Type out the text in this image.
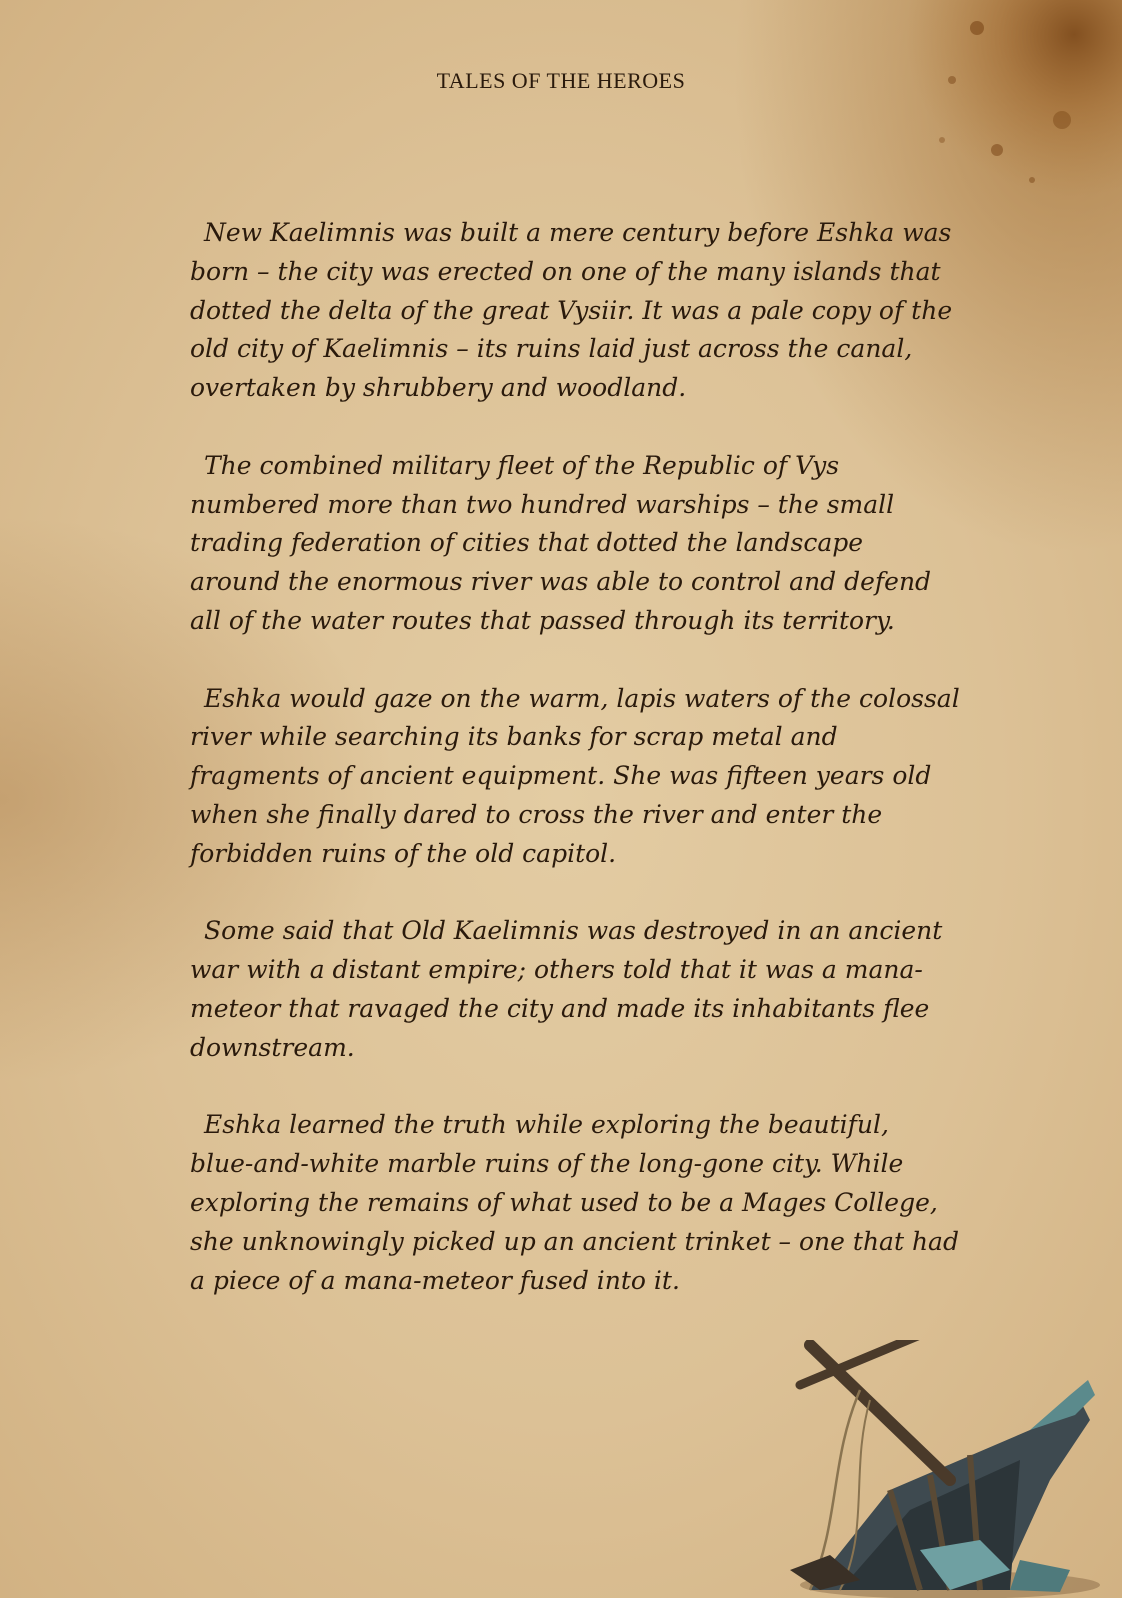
TALES OF THE HEROES

New Kaelimnis was built a mere century before Eshka was born – the city was erected on one of the many islands that dotted the delta of the great Vysiir. It was a pale copy of the old city of Kaelimnis – its ruins laid just across the canal, overtaken by shrubbery and woodland.

The combined military fleet of the Republic of Vys numbered more than two hundred warships – the small trading federation of cities that dotted the landscape around the enormous river was able to control and defend all of the water routes that passed through its territory.

Eshka would gaze on the warm, lapis waters of the colossal river while searching its banks for scrap metal and fragments of ancient equipment. She was fifteen years old when she finally dared to cross the river and enter the forbidden ruins of the old capitol.

Some said that Old Kaelimnis was destroyed in an ancient war with a distant empire; others told that it was a mana-meteor that ravaged the city and made its inhabitants flee downstream.

Eshka learned the truth while exploring the beautiful, blue-and-white marble ruins of the long-gone city. While exploring the remains of what used to be a Mages College, she unknowingly picked up an ancient trinket – one that had a piece of a mana-meteor fused into it.
